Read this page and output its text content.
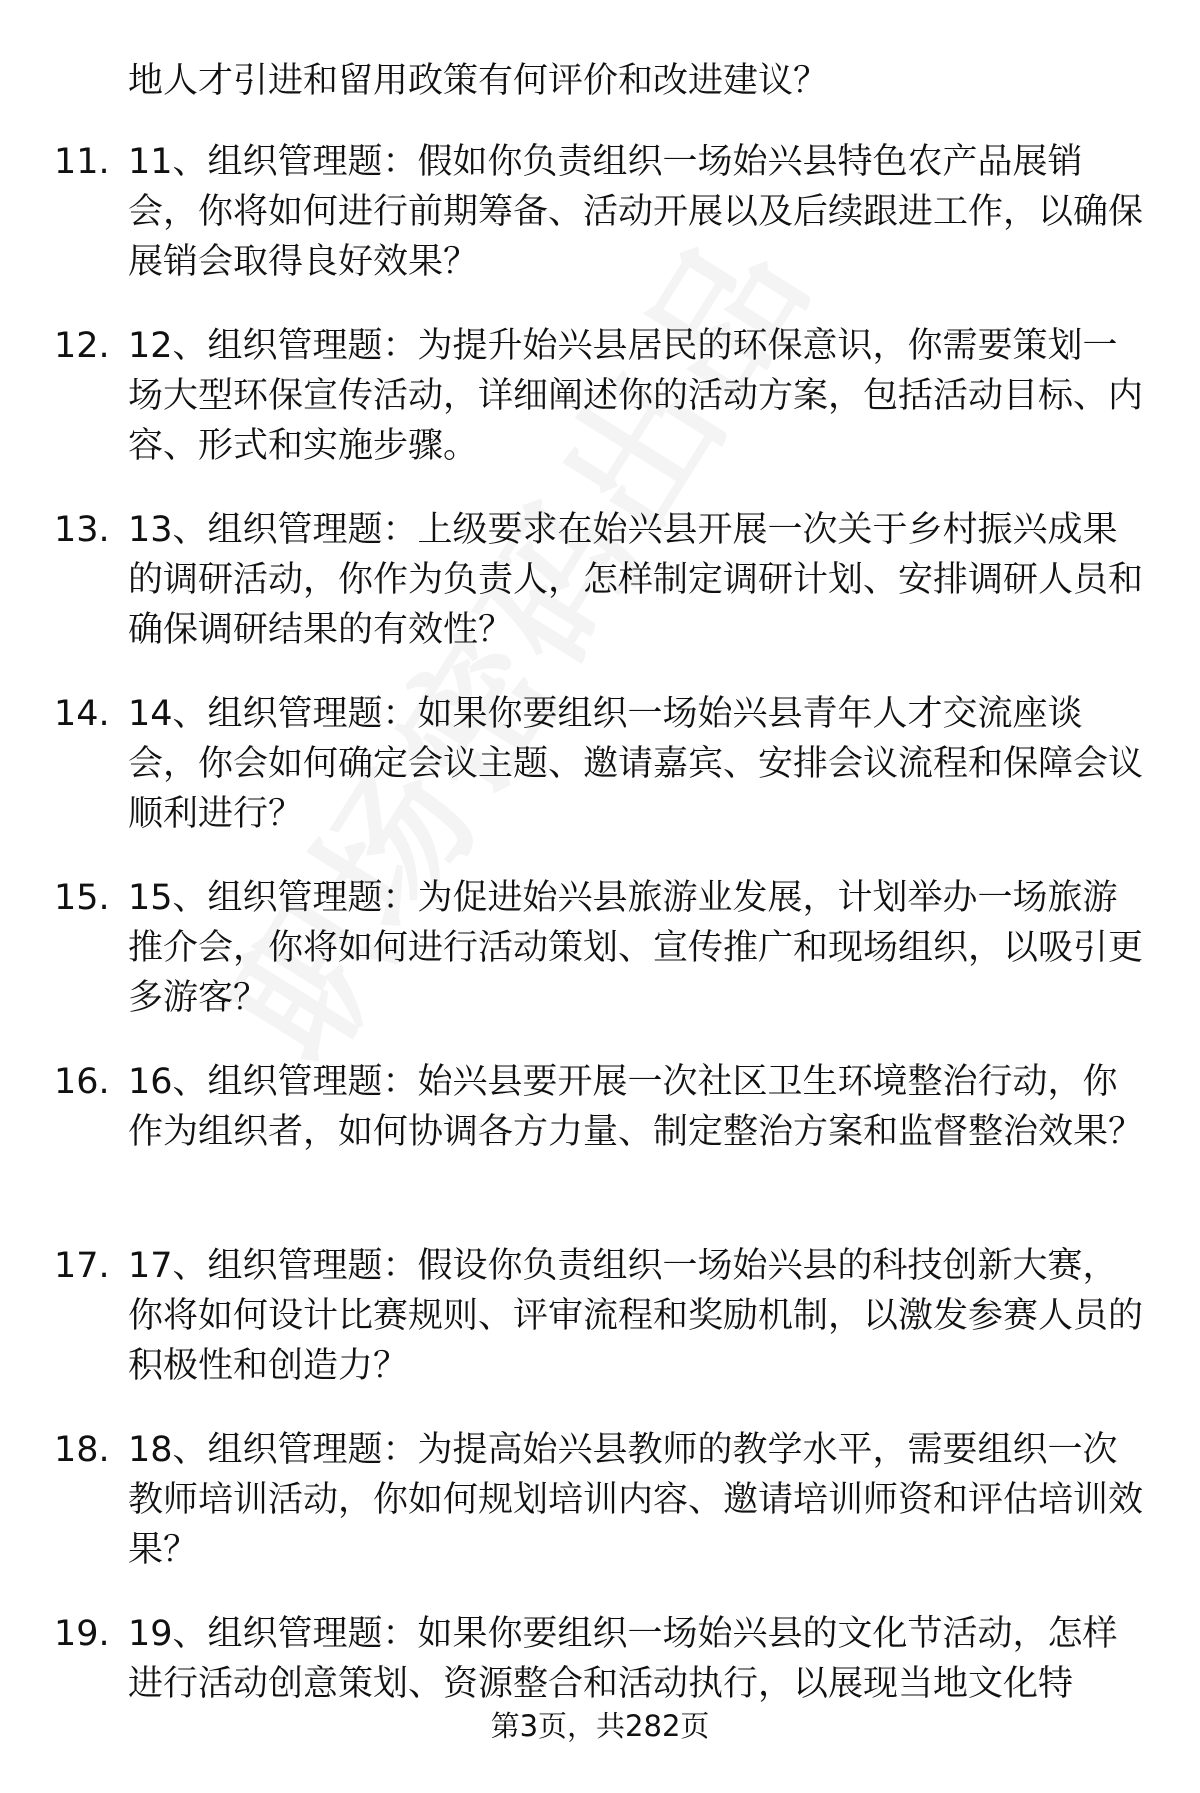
地人才引进和留用政策有何评价和改进建议？

11. 11、组织管理题：假如你负责组织一场始兴县特色农产品展销会，你将如何进行前期筹备、活动开展以及后续跟进工作，以确保展销会取得良好效果？

12. 12、组织管理题：为提升始兴县居民的环保意识，你需要策划一场大型环保宣传活动，详细阐述你的活动方案，包括活动目标、内容、形式和实施步骤。

13. 13、组织管理题：上级要求在始兴县开展一次关于乡村振兴成果的调研活动，你作为负责人，怎样制定调研计划、安排调研人员和确保调研结果的有效性？

14. 14、组织管理题：如果你要组织一场始兴县青年人才交流座谈会，你会如何确定会议主题、邀请嘉宾、安排会议流程和保障会议顺利进行？

15. 15、组织管理题：为促进始兴县旅游业发展，计划举办一场旅游推介会，你将如何进行活动策划、宣传推广和现场组织，以吸引更多游客？

16. 16、组织管理题：始兴县要开展一次社区卫生环境整治行动，你作为组织者，如何协调各方力量、制定整治方案和监督整治效果？

17. 17、组织管理题：假设你负责组织一场始兴县的科技创新大赛，你将如何设计比赛规则、评审流程和奖励机制，以激发参赛人员的积极性和创造力？

18. 18、组织管理题：为提高始兴县教师的教学水平，需要组织一次教师培训活动，你如何规划培训内容、邀请培训师资和评估培训效果？

19. 19、组织管理题：如果你要组织一场始兴县的文化节活动，怎样进行活动创意策划、资源整合和活动执行，以展现当地文化特

第3页，共282页
